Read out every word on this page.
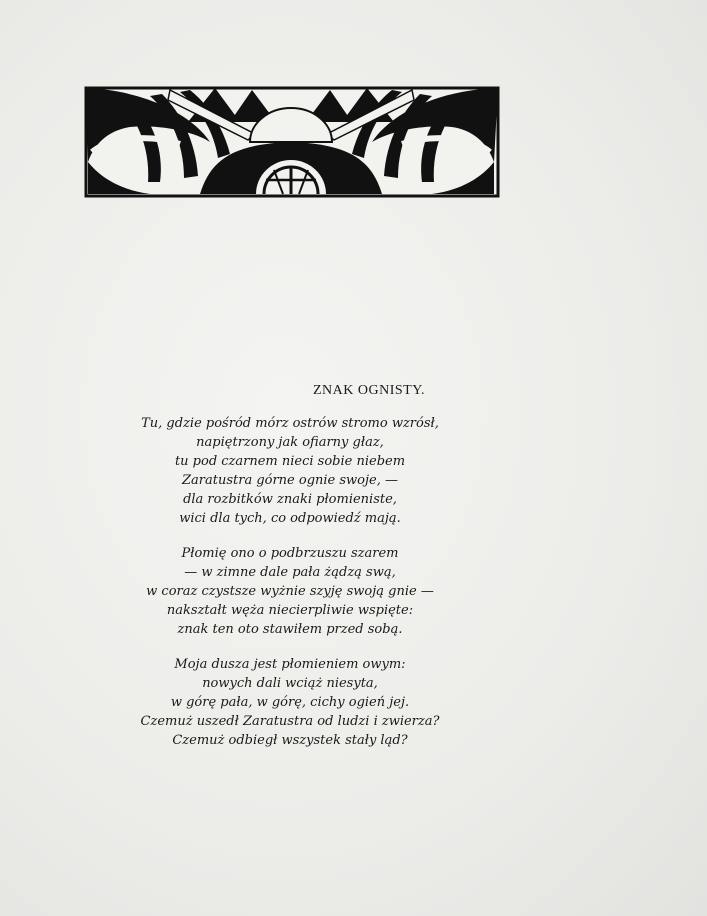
ZNAK OGNISTY.
Tu, gdzie pośród mórz ostrów stromo wzrósł,
napiętrzony jak ofiarny głaz,
tu pod czarnem nieci sobie niebem
Zaratustra górne ognie swoje, —
dla rozbitków znaki płomieniste,
wici dla tych, co odpowiedź mają.
Płomię ono o podbrzuszu szarem
— w zimne dale pała żądzą swą,
w coraz czystsze wyżnie szyję swoją gnie —
nakształt węża niecierpliwie wspięte:
znak ten oto stawiłem przed sobą.
Moja dusza jest płomieniem owym:
nowych dali wciąż niesyta,
w górę pała, w górę, cichy ogień jej.
Czemuż uszedł Zaratustra od ludzi i zwierza?
Czemuż odbiegł wszystek stały ląd?
